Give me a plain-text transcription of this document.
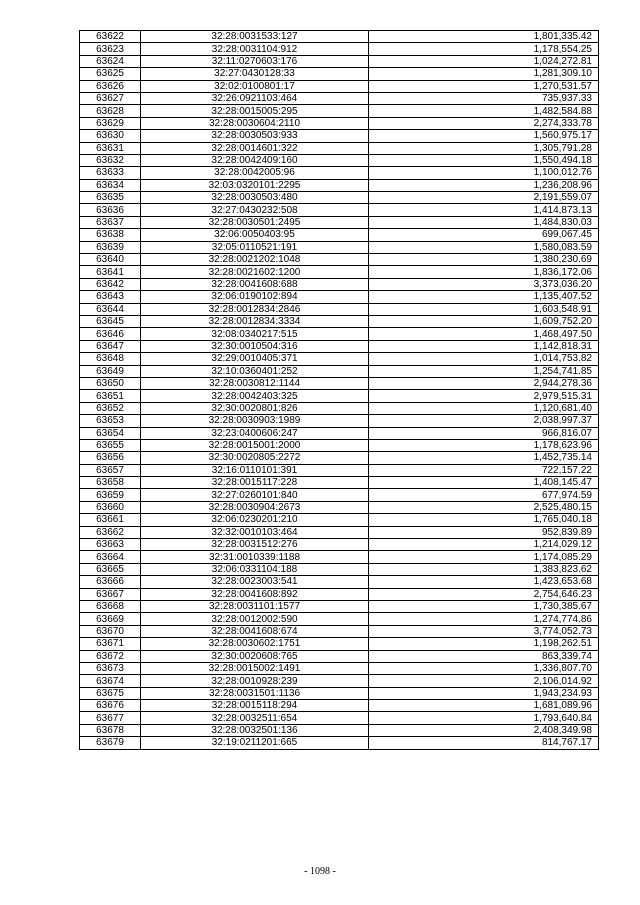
63622	32:28:0031533:127	1,801,335.42
63623	32:28:0031104:912	1,178,554.25
63624	32:11:0270603:176	1,024,272.81
63625	32:27:0430128:33	1,281,309.10
63626	32:02:0100801:17	1,270,531.57
63627	32:26:0921103:464	735,937.33
63628	32:28:0015005:295	1,482,584.88
63629	32:28:0030604:2110	2,274,333.78
63630	32:28:0030503:933	1,560,975.17
63631	32:28:0014601:322	1,305,791.28
63632	32:28:0042409:160	1,550,494.18
63633	32:28:0042005:96	1,100,012.76
63634	32:03:0320101:2295	1,236,208.96
63635	32:28:0030503:480	2,191,559.07
63636	32:27:0430232:508	1,414,873.13
63637	32:28:0030501:2495	1,484,830.03
63638	32:06:0050403:95	699,067.45
63639	32:05:0110521:191	1,580,083.59
63640	32:28:0021202:1048	1,380,230.69
63641	32:28:0021602:1200	1,836,172.06
63642	32:28:0041608:688	3,373,036.20
63643	32:06:0190102:894	1,135,407.52
63644	32:28:0012834:2846	1,603,548.91
63645	32:28:0012834:3334	1,609,752.20
63646	32:08:0340217:515	1,468,497.50
63647	32:30:0010504:316	1,142,818.31
63648	32:29:0010405:371	1,014,753.82
63649	32:10:0360401:252	1,254,741.85
63650	32:28:0030812:1144	2,944,278.36
63651	32:28:0042403:325	2,979,515.31
63652	32:30:0020801:826	1,120,681.40
63653	32:28:0030903:1989	2,038,997.37
63654	32:23:0400606:247	966,816.07
63655	32:28:0015001:2000	1,178,623.96
63656	32:30:0020805:2272	1,452,735.14
63657	32:16:0110101:391	722,157.22
63658	32:28:0015117:228	1,408,145.47
63659	32:27:0260101:840	677,974.59
63660	32:28:0030904:2673	2,525,480.15
63661	32:06:0230201:210	1,765,040.18
63662	32:32:0010103:464	952,839.89
63663	32:28:0031512:276	1,214,029.12
63664	32:31:0010339:1188	1,174,085.29
63665	32:06:0331104:188	1,383,823.62
63666	32:28:0023003:541	1,423,653.68
63667	32:28:0041608:892	2,754,646.23
63668	32:28:0031101:1577	1,730,385.67
63669	32:28:0012002:590	1,274,774.86
63670	32:28:0041608:674	3,774,052.73
63671	32:28:0030602:1751	1,198,262.51
63672	32:30:0020608:765	863,339.74
63673	32:28:0015002:1491	1,336,807.70
63674	32:28:0010928:239	2,106,014.92
63675	32:28:0031501:1136	1,943,234.93
63676	32:28:0015118:294	1,681,089.96
63677	32:28:0032511:654	1,793,640.84
63678	32:28:0032501:136	2,408,349.98
63679	32:19:0211201:665	814,767.17
- 1098 -
